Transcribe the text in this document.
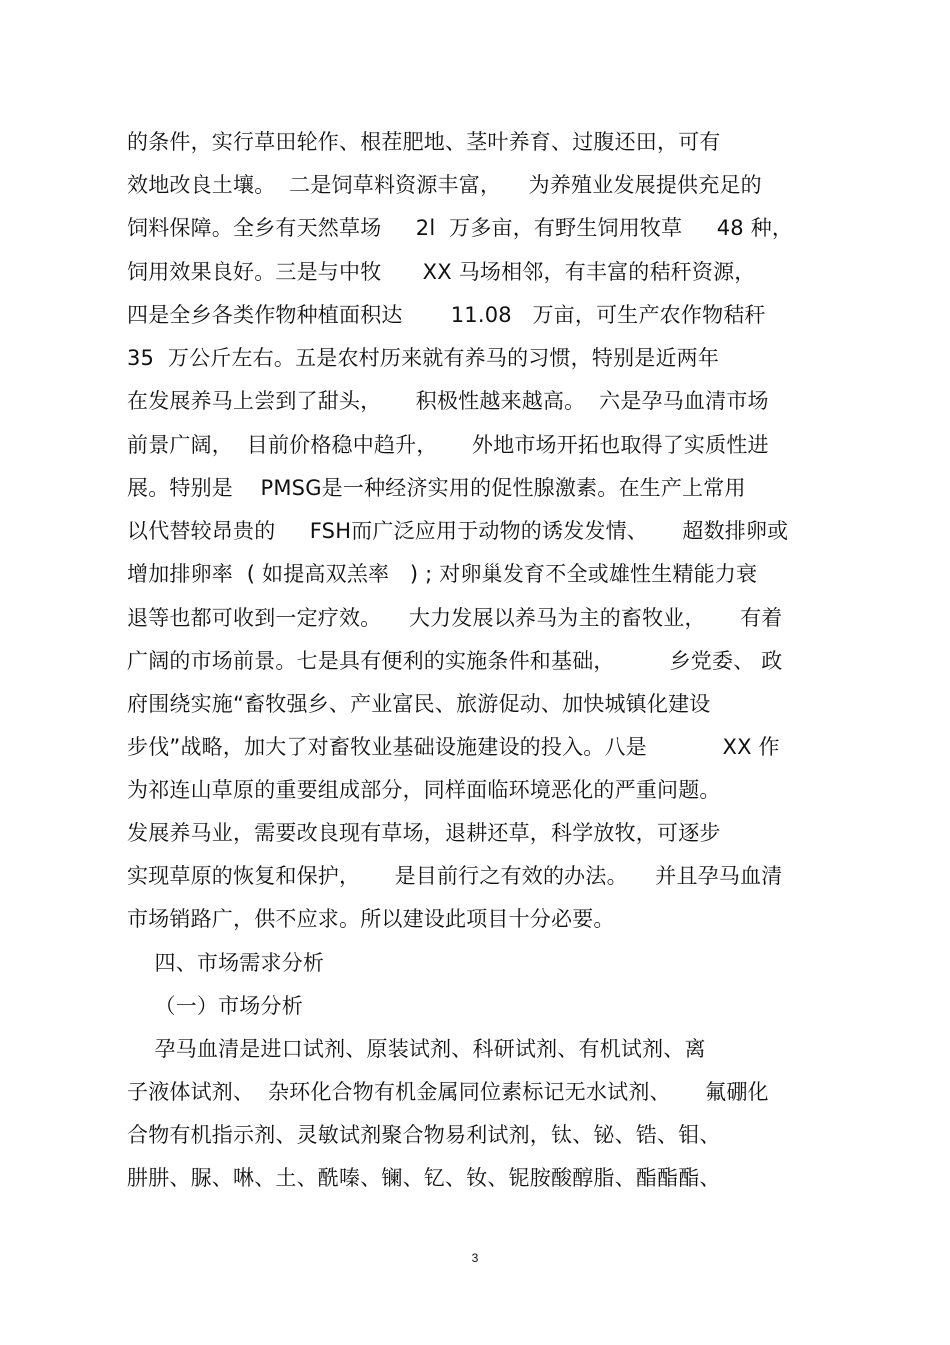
的条件，实行草田轮作、根茬肥地、茎叶养育、过腹还田，可有
效地改良土壤。  二是饲草料资源丰富，    为养殖业发展提供充足的
饲料保障。全乡有天然草场     2l  万多亩，有野生饲用牧草     48 种，
饲用效果良好。三是与中牧      XX 马场相邻，有丰富的秸秆资源，
四是全乡各类作物种植面积达       11.08   万亩，可生产农作物秸秆
35  万公斤左右。五是农村历来就有养马的习惯，特别是近两年
在发展养马上尝到了甜头，     积极性越来越高。  六是孕马血清市场
前景广阔，  目前价格稳中趋升，     外地市场开拓也取得了实质性进
展。特别是    PMSG是一种经济实用的促性腺激素。在生产上常用
以代替较昂贵的     FSH而广泛应用于动物的诱发发情、     超数排卵或
增加排卵率  ( 如提高双羔率   ) ; 对卵巢发育不全或雄性生精能力衰
退等也都可收到一定疗效。    大力发展以养马为主的畜牧业，     有着
广阔的市场前景。七是具有便利的实施条件和基础，        乡党委、 政
府围绕实施“畜牧强乡、产业富民、旅游促动、加快城镇化建设
步伐”战略，加大了对畜牧业基础设施建设的投入。八是           XX 作
为祁连山草原的重要组成部分，同样面临环境恶化的严重问题。
发展养马业，需要改良现有草场，退耕还草，科学放牧，可逐步
实现草原的恢复和保护，     是目前行之有效的办法。    并且孕马血清
市场销路广，供不应求。所以建设此项目十分必要。
四、市场需求分析
（一）市场分析
孕马血清是进口试剂、原装试剂、科研试剂、有机试剂、离
子液体试剂、  杂环化合物有机金属同位素标记无水试剂、     氟硼化
合物有机指示剂、灵敏试剂聚合物易利试剂，钛、铋、锆、钼、
肼肼、脲、啉、土、酰嗪、镧、钇、钕、铌胺酸醇脂、酯酯酯、
3
